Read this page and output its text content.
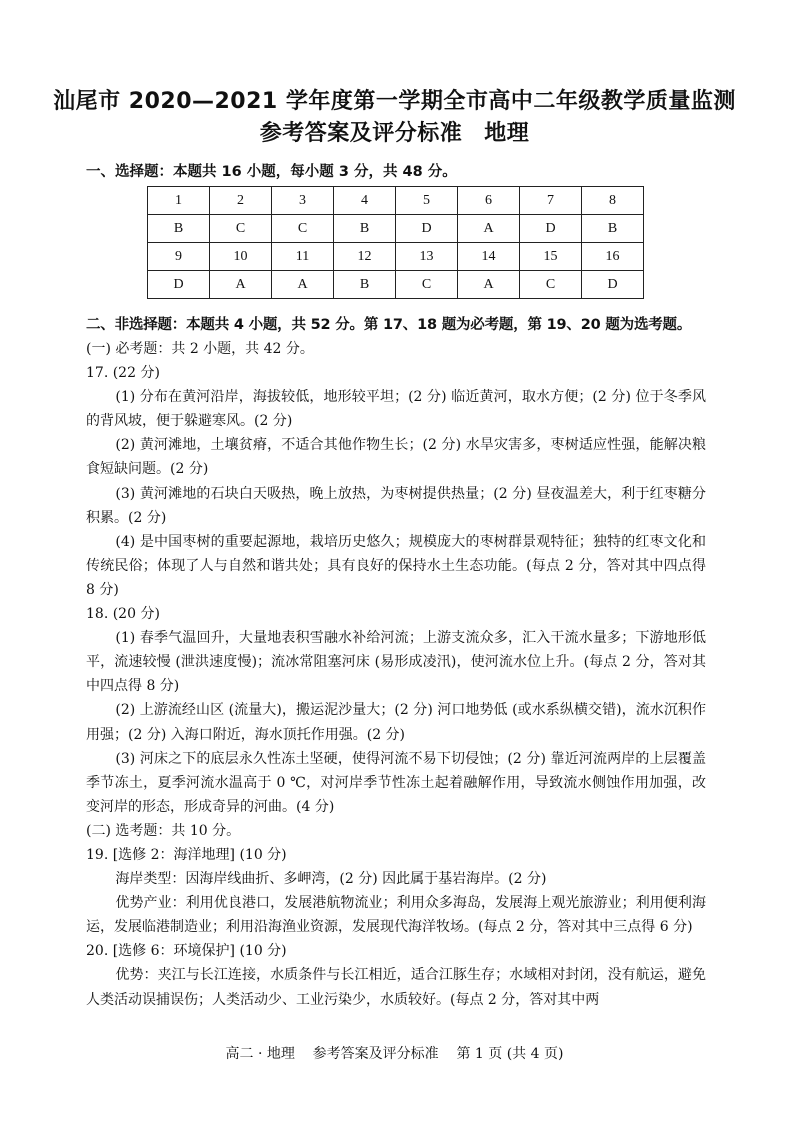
汕尾市 2020—2021 学年度第一学期全市高中二年级教学质量监测
参考答案及评分标准 地理
一、选择题：本题共 16 小题，每小题 3 分，共 48 分。
1	2	3	4	5	6	7	8
B	C	C	B	D	A	D	B
9	10	11	12	13	14	15	16
D	A	A	B	C	A	C	D
二、非选择题：本题共 4 小题，共 52 分。第 17、18 题为必考题，第 19、20 题为选考题。

(一) 必考题：共 2 小题，共 42 分。

17. (22 分)

(1) 分布在黄河沿岸，海拔较低，地形较平坦；(2 分) 临近黄河，取水方便；(2 分) 位于冬季风的背风坡，便于躲避寒风。(2 分)

(2) 黄河滩地，土壤贫瘠，不适合其他作物生长；(2 分) 水旱灾害多，枣树适应性强，能解决粮食短缺问题。(2 分)

(3) 黄河滩地的石块白天吸热，晚上放热，为枣树提供热量；(2 分) 昼夜温差大，利于红枣糖分积累。(2 分)

(4) 是中国枣树的重要起源地，栽培历史悠久；规模庞大的枣树群景观特征；独特的红枣文化和传统民俗；体现了人与自然和谐共处；具有良好的保持水土生态功能。(每点 2 分，答对其中四点得 8 分)

18. (20 分)

(1) 春季气温回升，大量地表积雪融水补给河流；上游支流众多，汇入干流水量多；下游地形低平，流速较慢 (泄洪速度慢)；流冰常阻塞河床 (易形成凌汛)，使河流水位上升。(每点 2 分，答对其中四点得 8 分)

(2) 上游流经山区 (流量大)，搬运泥沙量大；(2 分) 河口地势低 (或水系纵横交错)，流水沉积作用强；(2 分) 入海口附近，海水顶托作用强。(2 分)

(3) 河床之下的底层永久性冻土坚硬，使得河流不易下切侵蚀；(2 分) 靠近河流两岸的上层覆盖季节冻土，夏季河流水温高于 0 ℃，对河岸季节性冻土起着融解作用，导致流水侧蚀作用加强，改变河岸的形态，形成奇异的河曲。(4 分)

(二) 选考题：共 10 分。

19. [选修 2：海洋地理] (10 分)

海岸类型：因海岸线曲折、多岬湾，(2 分) 因此属于基岩海岸。(2 分)

优势产业：利用优良港口，发展港航物流业；利用众多海岛，发展海上观光旅游业；利用便利海运，发展临港制造业；利用沿海渔业资源，发展现代海洋牧场。(每点 2 分，答对其中三点得 6 分)

20. [选修 6：环境保护] (10 分)

优势：夹江与长江连接，水质条件与长江相近，适合江豚生存；水域相对封闭，没有航运，避免人类活动误捕误伤；人类活动少、工业污染少，水质较好。(每点 2 分，答对其中两

高二 · 地理    参考答案及评分标准    第 1 页 (共 4 页)
